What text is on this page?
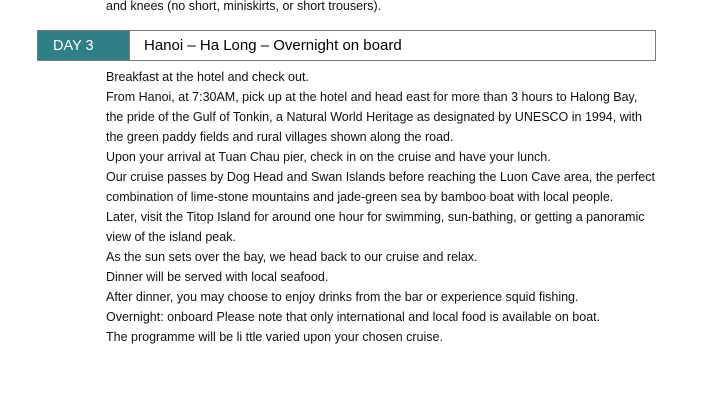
and knees (no short, miniskirts, or short trousers).
DAY 3	Hanoi – Ha Long – Overnight on board
Breakfast at the hotel and check out.
From Hanoi, at 7:30AM, pick up at the hotel and head east for more than 3 hours to Halong Bay,
the pride of the Gulf of Tonkin, a Natural World Heritage as designated by UNESCO in 1994, with
the green paddy fields and rural villages shown along the road.
Upon your arrival at Tuan Chau pier, check in on the cruise and have your lunch.
Our cruise passes by Dog Head and Swan Islands before reaching the Luon Cave area, the perfect
combination of lime-stone mountains and jade-green sea by bamboo boat with local people.
Later, visit the Titop Island for around one hour for swimming, sun-bathing, or getting a panoramic
view of the island peak.
As the sun sets over the bay, we head back to our cruise and relax.
Dinner will be served with local seafood.
After dinner, you may choose to enjoy drinks from the bar or experience squid fishing.
Overnight: onboard Please note that only international and local food is available on boat.
The programme will be li ttle varied upon your chosen cruise.
